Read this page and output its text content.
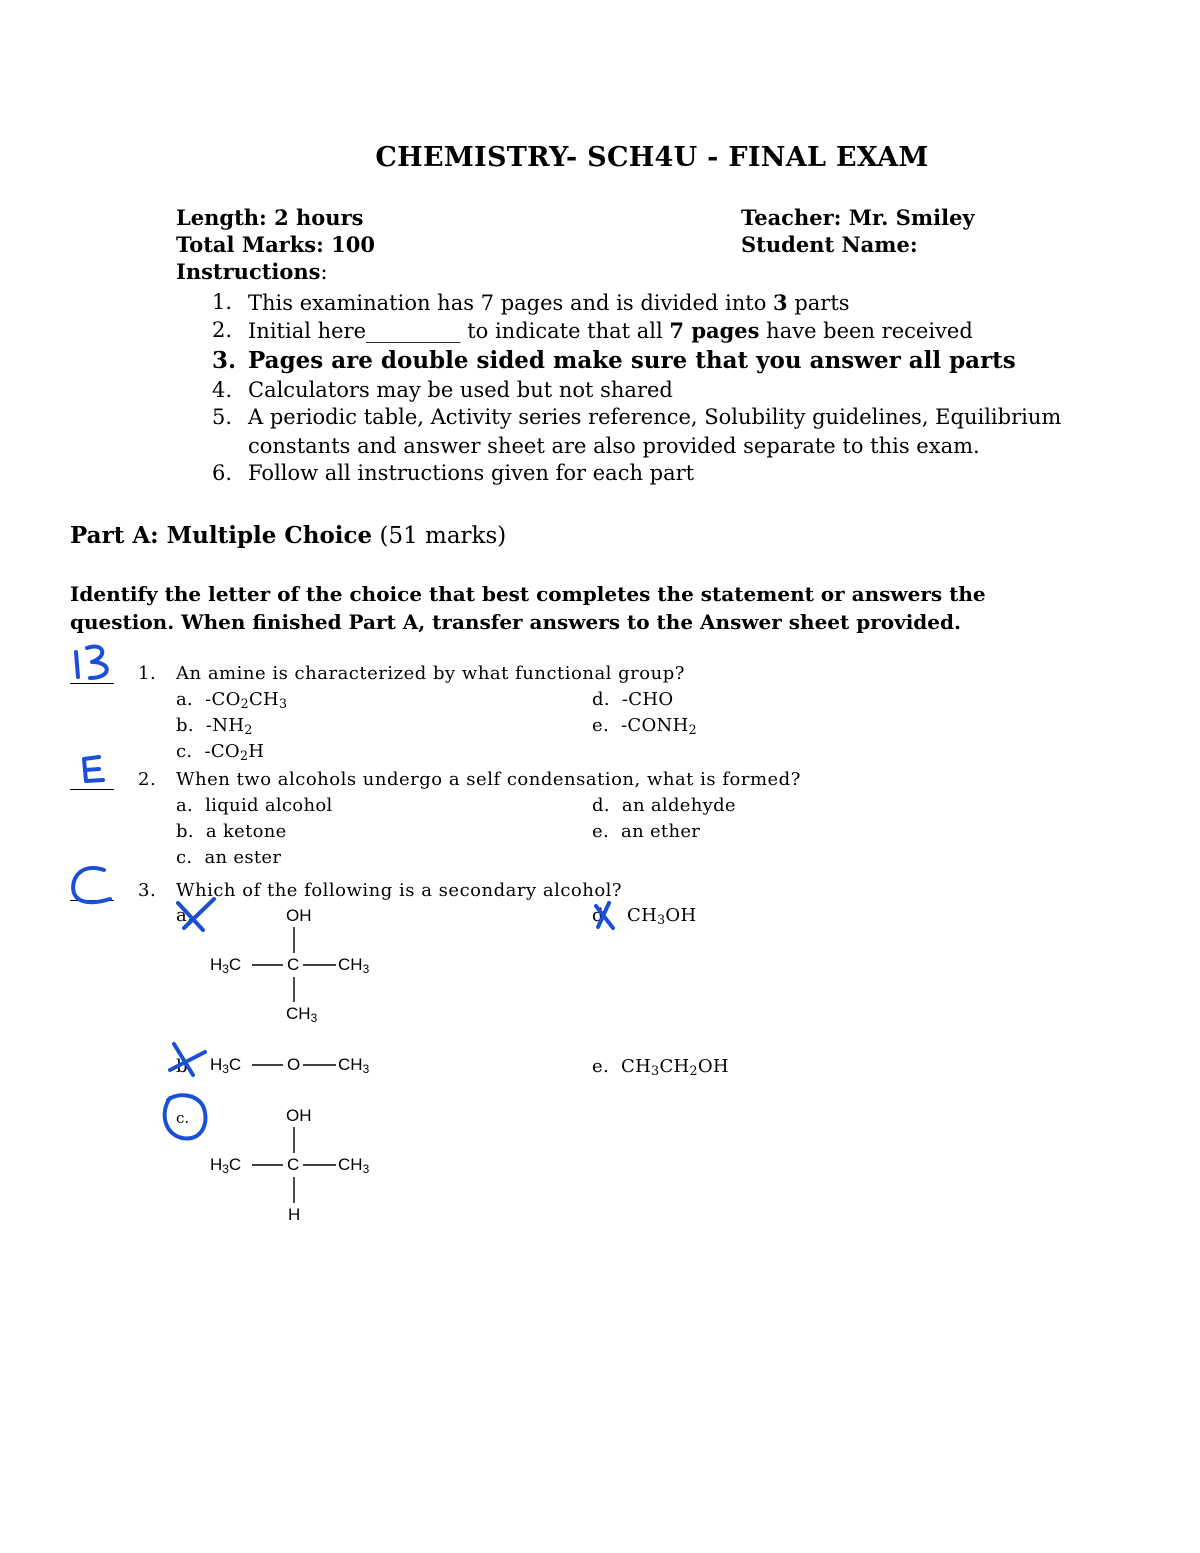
CHEMISTRY- SCH4U - FINAL EXAM
Length: 2 hours
Total Marks: 100
Teacher: Mr. Smiley
Student Name:
Instructions:
1. This examination has 7 pages and is divided into 3 parts
2. Initial here_________ to indicate that all 7 pages have been received
3. Pages are double sided make sure that you answer all parts
4. Calculators may be used but not shared
5. A periodic table, Activity series reference, Solubility guidelines, Equilibrium
constants and answer sheet are also provided separate to this exam.
6. Follow all instructions given for each part
Part A: Multiple Choice (51 marks)
Identify the letter of the choice that best completes the statement or answers the
question. When finished Part A, transfer answers to the Answer sheet provided.
1. An amine is characterized by what functional group?
a. $-CO_2CH_3$
b. $-NH_2$
c. $-CO_2H$
d. -CHO
e. $-CONH_2$
2. When two alcohols undergo a self condensation, what is formed?
a. liquid alcohol
b. a ketone
c. an ester
d. an aldehyde
e. an ether
3. Which of the following is a secondary alcohol?
a.	OH
$H_3C$	C $CH_3$
$CH_3$
b. $H_3C$	O $CH_3$
c.	OH
$H_3C$	C $CH_3$
H
d. $CH_3OH$
e. $CH_3CH_2OH$
